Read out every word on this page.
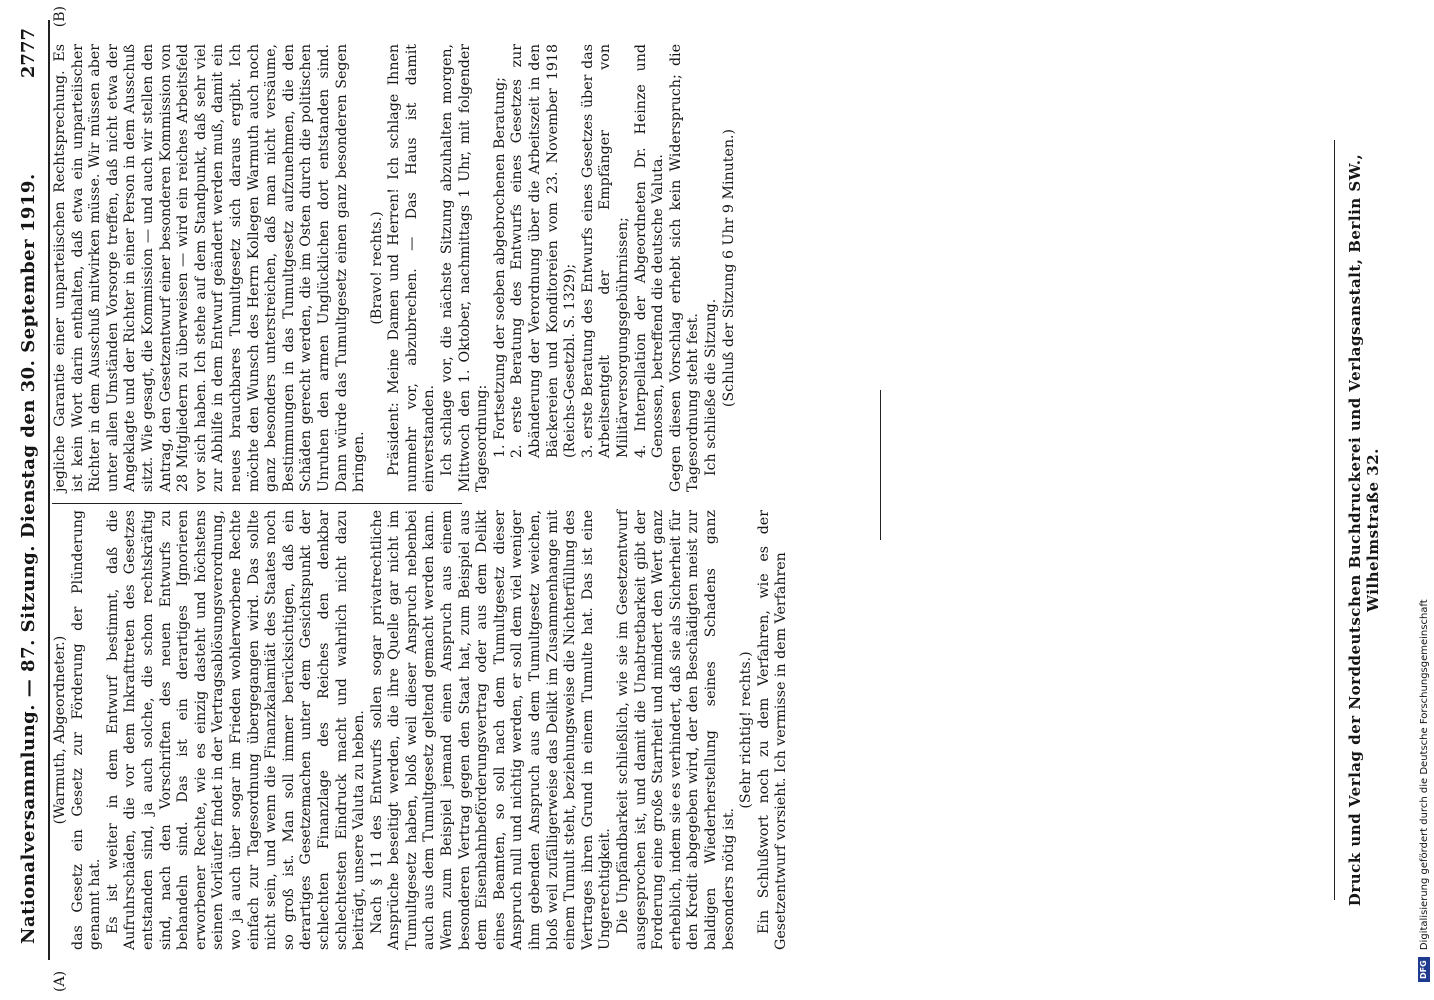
Nationalversammlung. — 87. Sitzung. Dienstag den 30. September 1919.
2777
(A)
(B)

(Warmuth, Abgeordneter.) das Gesetz ein Gesetz zur Förderung der Plünderung genannt hat. Es ist weiter in dem Entwurf bestimmt, daß die Aufruhrschäden, die vor dem Inkrafttreten des Gesetzes entstanden sind, ja auch solche, die schon rechtskräftig sind, nach den Vorschriften des neuen Entwurfs zu behandeln sind. Das ist ein derartiges Ignorieren erworbener Rechte, wie es einzig dasteht und höchstens seinen Vorläufer findet in der Vertragsablösungsverordnung, wo ja auch über sogar im Frieden wohlerworbene Rechte einfach zur Tagesordnung übergegangen wird. Das sollte nicht sein, und wenn die Finanzkalamität des Staates noch so groß ist. Man soll immer berücksichtigen, daß ein derartiges Gesetzemachen unter dem Gesichtspunkt der schlechten Finanzlage des Reiches den denkbar schlechtesten Eindruck macht und wahrlich nicht dazu beiträgt, unsere Valuta zu heben. Nach § 11 des Entwurfs sollen sogar privatrechtliche Ansprüche beseitigt werden, die ihre Quelle gar nicht im Tumultgesetz haben, bloß weil dieser Anspruch nebenbei auch aus dem Tumultgesetz geltend gemacht werden kann. Wenn zum Beispiel jemand einen Anspruch aus einem besonderen Vertrag gegen den Staat hat, zum Beispiel aus dem Eisenbahnbeförderungsvertrag oder aus dem Delikt eines Beamten, so soll nach dem Tumultgesetz dieser Anspruch null und nichtig werden, er soll dem viel weniger ihm gebenden Anspruch aus dem Tumultgesetz weichen, bloß weil zufälligerweise das Delikt im Zusammenhange mit einem Tumult steht, beziehungsweise die Nichterfüllung des Vertrages ihren Grund in einem Tumulte hat. Das ist eine Ungerechtigkeit. Die Unpfändbarkeit schließlich, wie sie im Gesetzentwurf ausgesprochen ist, und damit die Unabtretbarkeit gibt der Forderung eine große Starrheit und mindert den Wert ganz erheblich, indem sie es verhindert, daß sie als Sicherheit für den Kredit abgegeben wird, der den Beschädigten meist zur baldigen Wiederherstellung seines Schadens ganz besonders nötig ist.

(Sehr richtig! rechts.) Ein Schlußwort noch zu dem Verfahren, wie es der Gesetzentwurf vorsieht. Ich vermisse in dem Verfahren

jegliche Garantie einer unparteiischen Rechtsprechung. Es ist kein Wort darin enthalten, daß etwa ein unparteiischer Richter in dem Ausschuß mitwirken müsse. Wir müssen aber unter allen Umständen Vorsorge treffen, daß nicht etwa der Angeklagte und der Richter in einer Person in dem Ausschuß sitzt. Wie gesagt, die Kommission — und auch wir stellen den Antrag, den Gesetzentwurf einer besonderen Kommission von 28 Mitgliedern zu überweisen — wird ein reiches Arbeitsfeld vor sich haben. Ich stehe auf dem Standpunkt, daß sehr viel zur Abhilfe in dem Entwurf geändert werden muß, damit ein neues brauchbares Tumultgesetz sich daraus ergibt. Ich möchte den Wunsch des Herrn Kollegen Warmuth auch noch ganz besonders unterstreichen, daß man nicht versäume, Bestimmungen in das Tumultgesetz aufzunehmen, die den Schäden gerecht werden, die im Osten durch die politischen Unruhen den armen Unglücklichen dort entstanden sind. Dann würde das Tumultgesetz einen ganz besonderen Segen bringen.

(Bravo! rechts.) Präsident: Meine Damen und Herren! Ich schlage Ihnen nunmehr vor, abzubrechen. — Das Haus ist damit einverstanden. Ich schlage vor, die nächste Sitzung abzuhalten morgen, Mittwoch den 1. Oktober, nachmittags 1 Uhr, mit folgender Tagesordnung: 1. Fortsetzung der soeben abgebrochenen Beratung; 2. erste Beratung des Entwurfs eines Gesetzes zur Abänderung der Verordnung über die Arbeitszeit in den Bäckereien und Konditoreien vom 23. November 1918 (Reichs-Gesetzbl. S. 1329); 3. erste Beratung des Entwurfs eines Gesetzes über das Arbeitsentgelt der Empfänger von Militärversorgungsgebührnissen; 4. Interpellation der Abgeordneten Dr. Heinze und Genossen, betreffend die deutsche Valuta. Gegen diesen Vorschlag erhebt sich kein Widerspruch; die Tagesordnung steht fest. Ich schließe die Sitzung. (Schluß der Sitzung 6 Uhr 9 Minuten.)	Druck und Verlag der Norddeutschen Buchdruckerei und Verlagsanstalt, Berlin SW., Wilhelmstraße 32.
DFG Digitalisierung gefördert durch die Deutsche Forschungsgemeinschaft
